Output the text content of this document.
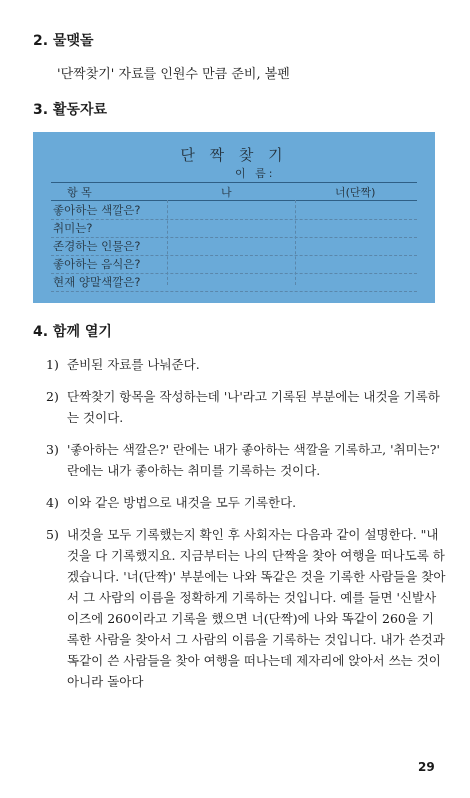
2. 물맺돌
'단짝찾기' 자료를 인원수 만큼 준비, 볼펜
3. 활동자료
단 짝 찾 기
이 름:
항 목	나	너(단짝)
좋아하는 색깔은?
취미는?
존경하는 인물은?
좋아하는 음식은?
현재 양말색깔은?
4. 함께 열기
1) 준비된 자료를 나눠준다.
2) 단짝찾기 항목을 작성하는데 '나'라고 기록된 부분에는 내것을 기록하는 것이다.
3) '좋아하는 색깔은?' 란에는 내가 좋아하는 색깔을 기록하고, '취미는?' 란에는 내가 좋아하는 취미를 기록하는 것이다.
4) 이와 같은 방법으로 내것을 모두 기록한다.
5) 내것을 모두 기록했는지 확인 후 사회자는 다음과 같이 설명한다. "내것을 다 기록했지요. 지금부터는 나의 단짝을 찾아 여행을 떠나도록 하겠습니다. '너(단짝)' 부분에는 나와 똑같은 것을 기록한 사람들을 찾아서 그 사람의 이름을 정확하게 기록하는 것입니다. 예를 들면 '신발사이즈에 260이라고 기록을 했으면 너(단짝)에 나와 똑같이 260을 기록한 사람을 찾아서 그 사람의 이름을 기록하는 것입니다. 내가 쓴것과 똑같이 쓴 사람들을 찾아 여행을 떠나는데 제자리에 앉아서 쓰는 것이 아니라 돌아다
29
